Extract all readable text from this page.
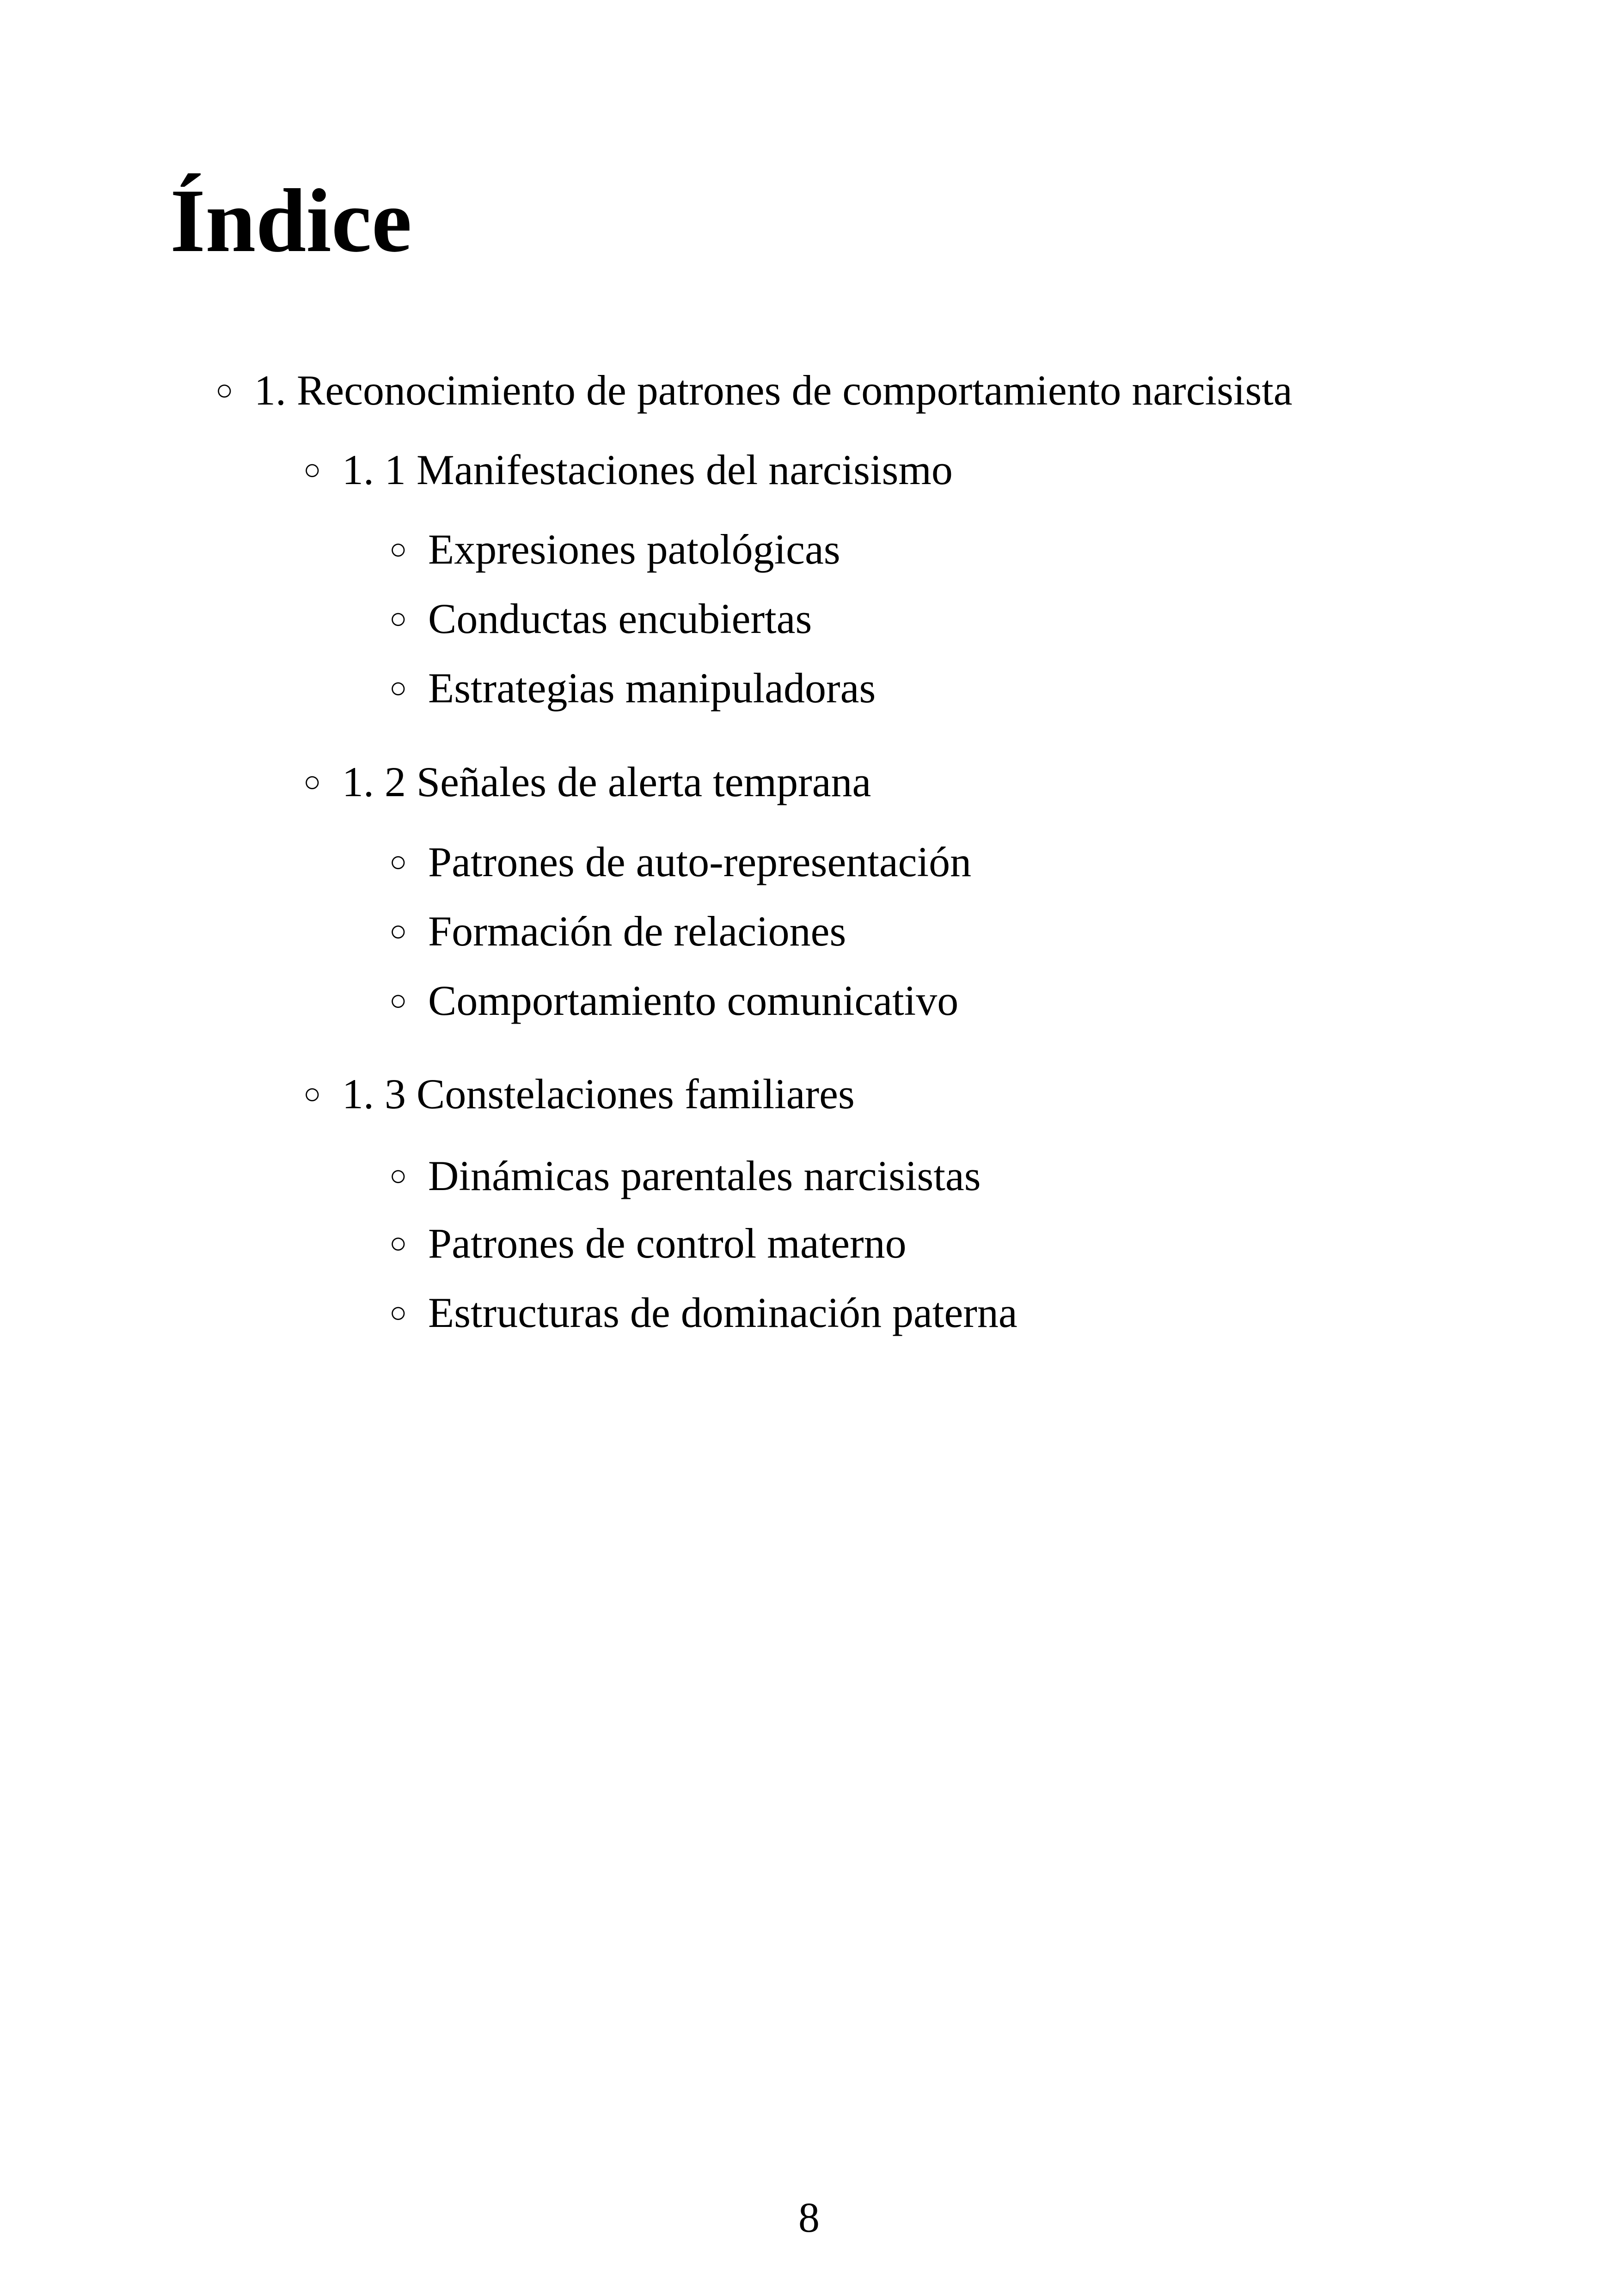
Índice
○ 1. Reconocimiento de patrones de comportamiento narcisista
○ 1. 1 Manifestaciones del narcisismo
○ Expresiones patológicas
○ Conductas encubiertas
○ Estrategias manipuladoras
○ 1. 2 Señales de alerta temprana
○ Patrones de auto-representación
○ Formación de relaciones
○ Comportamiento comunicativo
○ 1. 3 Constelaciones familiares
○ Dinámicas parentales narcisistas
○ Patrones de control materno
○ Estructuras de dominación paterna
8
